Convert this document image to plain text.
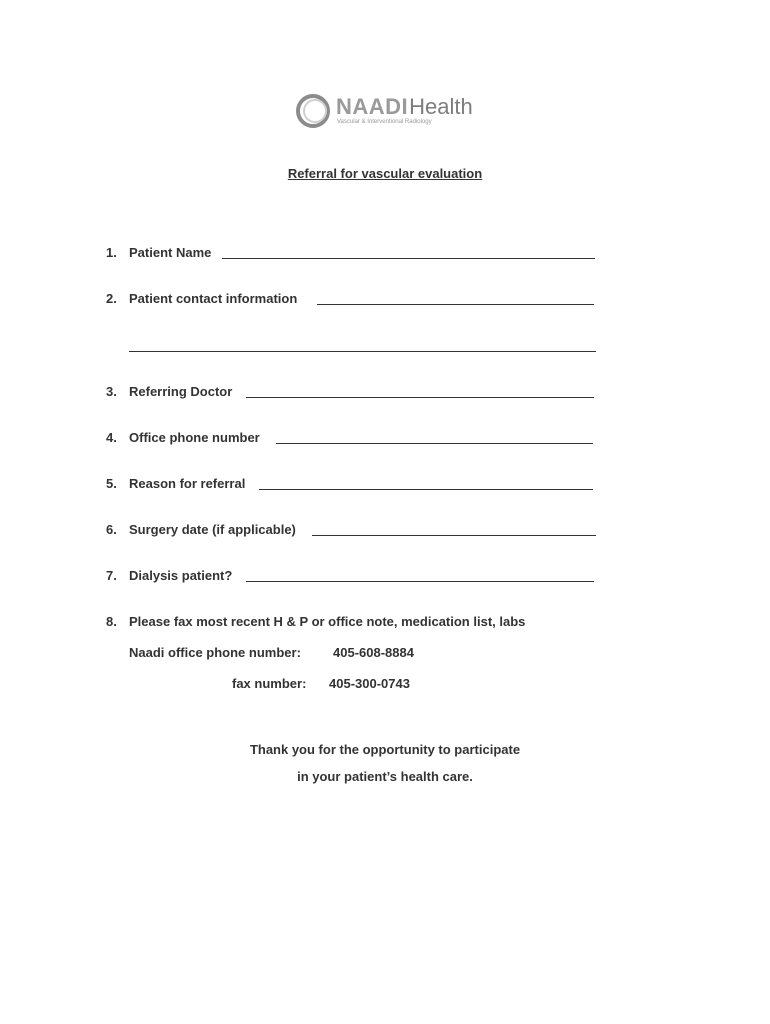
NAADIHealth
Vascular & Interventional Radiology
Referral for vascular evaluation
1. Patient Name
2. Patient contact information
3. Referring Doctor
4. Office phone number
5. Reason for referral
6. Surgery date (if applicable)
7. Dialysis patient?
8. Please fax most recent H & P or office note, medication list, labs
Naadi office phone number: 405-608-8884
fax number: 405-300-0743
Thank you for the opportunity to participate
in your patient’s health care.
